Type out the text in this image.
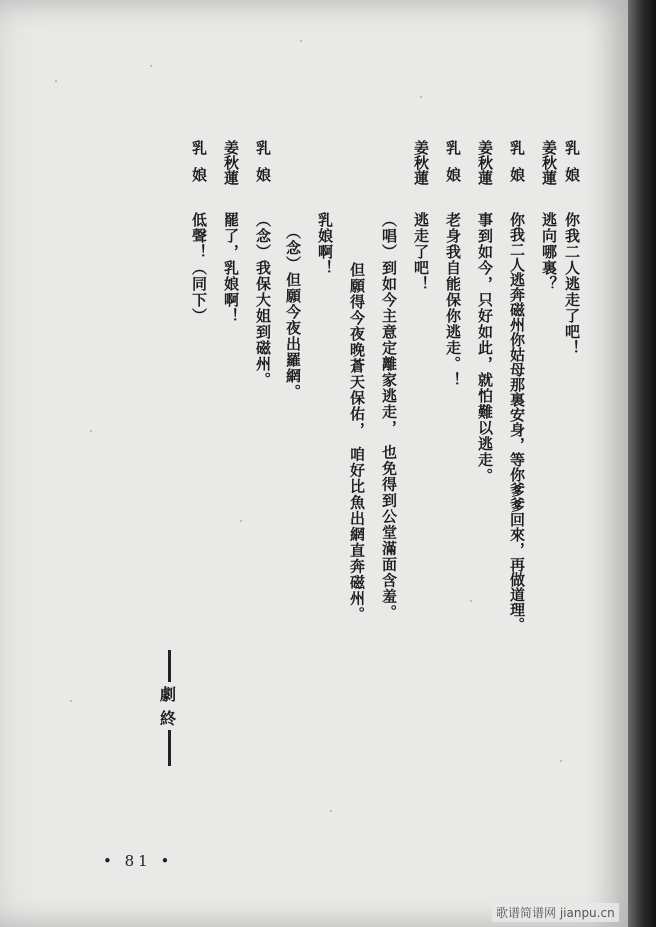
乳娘
你我二人逃走了吧！
姜秋蓮
逃向哪裏？
乳娘
你我二人逃奔磁州你姑母那裏安身，等你爹爹回來，再做道理。
姜秋蓮
事到如今，只好如此，就怕難以逃走。
乳娘
老身我自能保你逃走。！
姜秋蓮
逃走了吧！
（唱）到如今主意定離家逃走，　也免得到公堂滿面含羞。
但願得今夜晚蒼天保佑，　咱好比魚出網直奔磁州。
乳娘啊！
（念）但願今夜出羅網。
乳娘
（念）我保大姐到磁州。
姜秋蓮
罷了，乳娘啊！
乳娘
低聲！（同下）
劇
終
• 81 •
歌谱简谱网 jianpu.cn
